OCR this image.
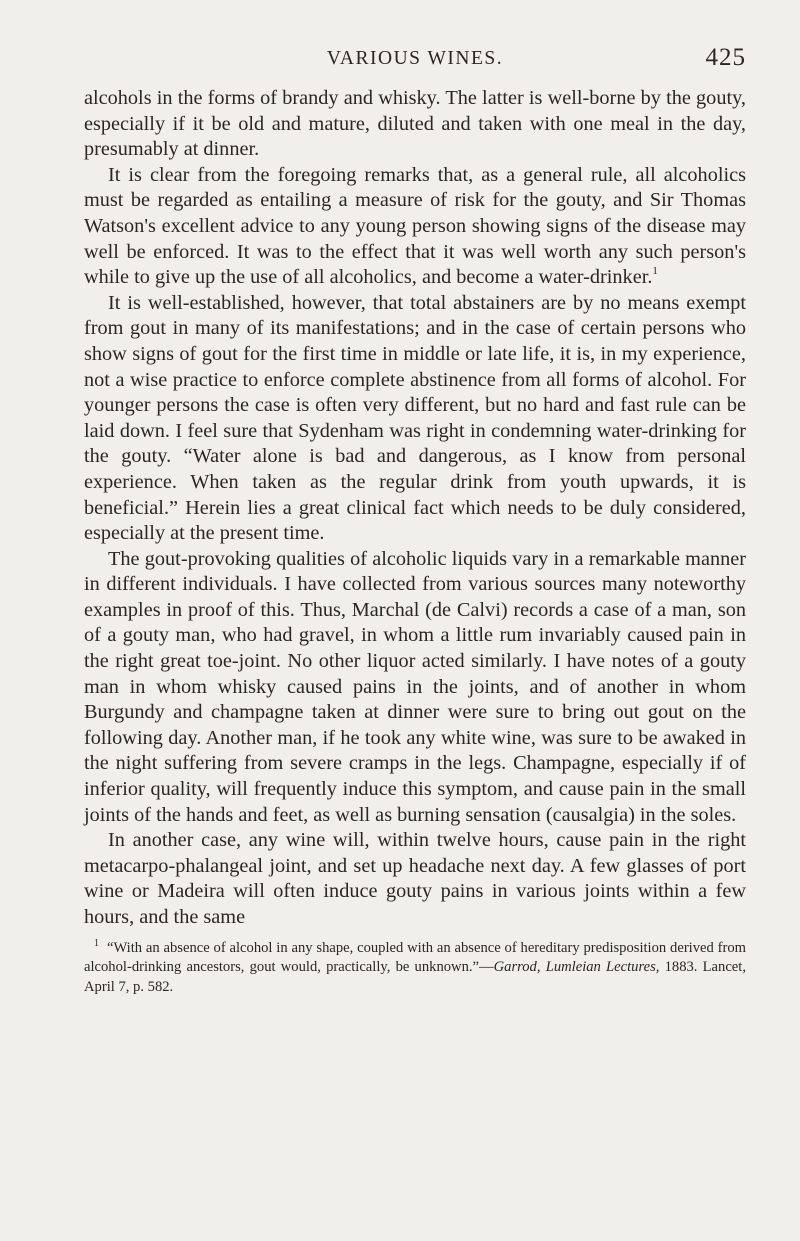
VARIOUS WINES.	425

alcohols in the forms of brandy and whisky. The latter is well-borne by the gouty, especially if it be old and mature, diluted and taken with one meal in the day, presumably at dinner.

It is clear from the foregoing remarks that, as a general rule, all alcoholics must be regarded as entailing a measure of risk for the gouty, and Sir Thomas Watson's excellent advice to any young person showing signs of the disease may well be enforced. It was to the effect that it was well worth any such person's while to give up the use of all alcoholics, and become a water-drinker.$^1$

It is well-established, however, that total abstainers are by no means exempt from gout in many of its manifestations; and in the case of certain persons who show signs of gout for the first time in middle or late life, it is, in my experience, not a wise practice to enforce complete abstinence from all forms of alcohol. For younger persons the case is often very different, but no hard and fast rule can be laid down. I feel sure that Sydenham was right in condemning water-drinking for the gouty. “Water alone is bad and dangerous, as I know from personal experience. When taken as the regular drink from youth upwards, it is beneficial.” Herein lies a great clinical fact which needs to be duly considered, especially at the present time.

The gout-provoking qualities of alcoholic liquids vary in a remarkable manner in different individuals. I have collected from various sources many noteworthy examples in proof of this. Thus, Marchal (de Calvi) records a case of a man, son of a gouty man, who had gravel, in whom a little rum invariably caused pain in the right great toe-joint. No other liquor acted similarly. I have notes of a gouty man in whom whisky caused pains in the joints, and of another in whom Burgundy and champagne taken at dinner were sure to bring out gout on the following day. Another man, if he took any white wine, was sure to be awaked in the night suffering from severe cramps in the legs. Champagne, especially if of inferior quality, will frequently induce this symptom, and cause pain in the small joints of the hands and feet, as well as burning sensation (causalgia) in the soles.

In another case, any wine will, within twelve hours, cause pain in the right metacarpo-phalangeal joint, and set up headache next day. A few glasses of port wine or Madeira will often induce gouty pains in various joints within a few hours, and the same

$^1$ “With an absence of alcohol in any shape, coupled with an absence of hereditary predisposition derived from alcohol-drinking ancestors, gout would, practically, be unknown.”—Garrod, Lumleian Lectures, 1883. Lancet, April 7, p. 582.
